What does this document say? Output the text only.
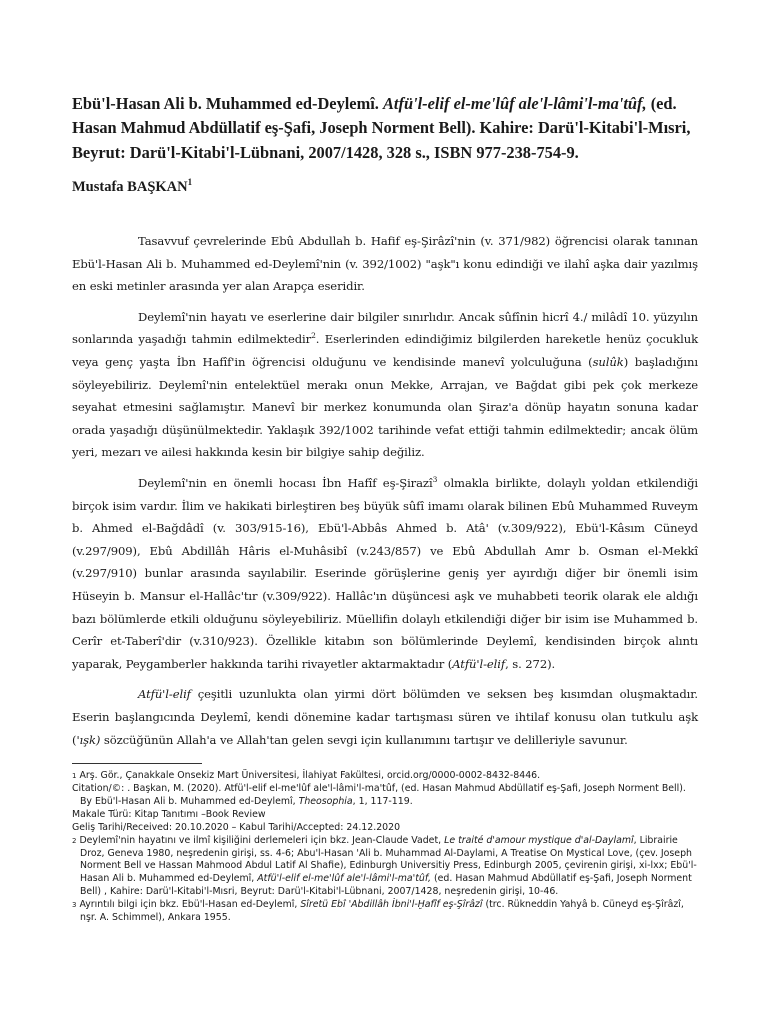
Ebü'l-Hasan Ali b. Muhammed ed-Deylemî. Atfü'l-elif el-me'lûf ale'l-lâmi'l-ma'tûf, (ed. Hasan Mahmud Abdüllatif eş-Şafi, Joseph Norment Bell). Kahire: Darü'l-Kitabi'l-Mısri, Beyrut: Darü'l-Kitabi'l-Lübnani, 2007/1428, 328 s., ISBN 977-238-754-9.
Mustafa BAŞKAN$^1$

Tasavvuf çevrelerinde Ebû Abdullah b. Hafif eş-Şirâzî'nin (v. 371/982) öğrencisi olarak tanınan Ebü'l-Hasan Ali b. Muhammed ed-Deylemî'nin (v. 392/1002) "aşk"ı konu edindiği ve ilahî aşka dair yazılmış en eski metinler arasında yer alan Arapça eseridir.

Deylemî'nin hayatı ve eserlerine dair bilgiler sınırlıdır. Ancak sûfînin hicrî 4./ milâdî 10. yüzyılın sonlarında yaşadığı tahmin edilmektedir$^2$. Eserlerinden edindiğimiz bilgilerden hareketle henüz çocukluk veya genç yaşta İbn Hafîf'in öğrencisi olduğunu ve kendisinde manevî yolculuğuna (sulûk) başladığını söyleyebiliriz. Deylemî'nin entelektüel merakı onun Mekke, Arrajan, ve Bağdat gibi pek çok merkeze seyahat etmesini sağlamıştır. Manevî bir merkez konumunda olan Şiraz'a dönüp hayatın sonuna kadar orada yaşadığı düşünülmektedir. Yaklaşık 392/1002 tarihinde vefat ettiği tahmin edilmektedir; ancak ölüm yeri, mezarı ve ailesi hakkında kesin bir bilgiye sahip değiliz.

Deylemî'nin en önemli hocası İbn Hafîf eş-Şirazî$^3$ olmakla birlikte, dolaylı yoldan etkilendiği birçok isim vardır. İlim ve hakikati birleştiren beş büyük sûfî imamı olarak bilinen Ebû Muhammed Ruveym b. Ahmed el-Bağdâdî (v. 303/915-16), Ebü'l-Abbâs Ahmed b. Atâ' (v.309/922), Ebü'l-Kâsım Cüneyd (v.297/909), Ebû Abdillâh Hâris el-Muhâsibî (v.243/857) ve Ebû Abdullah Amr b. Osman el-Mekkî (v.297/910) bunlar arasında sayılabilir. Eserinde görüşlerine geniş yer ayırdığı diğer bir önemli isim Hüseyin b. Mansur el-Hallâc'tır (v.309/922). Hallâc'ın düşüncesi aşk ve muhabbeti teorik olarak ele aldığı bazı bölümlerde etkili olduğunu söyleyebiliriz. Müellifin dolaylı etkilendiği diğer bir isim ise Muhammed b. Cerîr et-Taberî'dir (v.310/923). Özellikle kitabın son bölümlerinde Deylemî, kendisinden birçok alıntı yaparak, Peygamberler hakkında tarihi rivayetler aktarmaktadır (Atfü'l-elif, s. 272).

Atfü'l-elif çeşitli uzunlukta olan yirmi dört bölümden ve seksen beş kısımdan oluşmaktadır. Eserin başlangıcında Deylemî, kendi dönemine kadar tartışması süren ve ihtilaf konusu olan tutkulu aşk ('ışk) sözcüğünün Allah'a ve Allah'tan gelen sevgi için kullanımını tartışır ve delilleriyle savunur.

$^1$ Arş. Gör., Çanakkale Onsekiz Mart Üniversitesi, İlahiyat Fakültesi, orcid.org/0000-0002-8432-8446.

Citation/©: . Başkan, M. (2020). Atfü'l-elif el-me'lûf ale'l-lâmi'l-ma'tûf, (ed. Hasan Mahmud Abdüllatif eş-Şafi, Joseph Norment Bell). By Ebü'l-Hasan Ali b. Muhammed ed-Deylemî, Theosophia, 1, 117-119.

Makale Türü: Kitap Tanıtımı –Book Review

Geliş Tarihi/Received: 20.10.2020 – Kabul Tarihi/Accepted: 24.12.2020

$^2$ Deylemî'nin hayatını ve ilmî kişiliğini derlemeleri için bkz. Jean-Claude Vadet, Le traité d'amour mystique d'al-Daylamî, Librairie Droz, Geneva 1980, neşredenin girişi, ss. 4-6; Abu'l-Hasan 'Ali b. Muhammad Al-Daylami, A Treatise On Mystical Love, (çev. Joseph Norment Bell ve Hassan Mahmood Abdul Latif Al Shafie), Edinburgh Universitiy Press, Edinburgh 2005, çevirenin girişi, xi-lxx; Ebü'l-Hasan Ali b. Muhammed ed-Deylemî, Atfü'l-elif el-me'lûf ale'l-lâmi'l-ma'tûf, (ed. Hasan Mahmud Abdüllatif eş-Şafi, Joseph Norment Bell) , Kahire: Darü'l-Kitabi'l-Mısri, Beyrut: Darü'l-Kitabi'l-Lübnani, 2007/1428, neşredenin girişi, 10-46.

$^3$ Ayrıntılı bilgi için bkz. Ebü'l-Hasan ed-Deylemî, Sîretü Ebî 'Abdillâh İbni'l-Ḫafîf eş-Şîrâzî (trc. Rükneddin Yahyâ b. Cüneyd eş-Şîrâzî, nşr. A. Schimmel), Ankara 1955.
